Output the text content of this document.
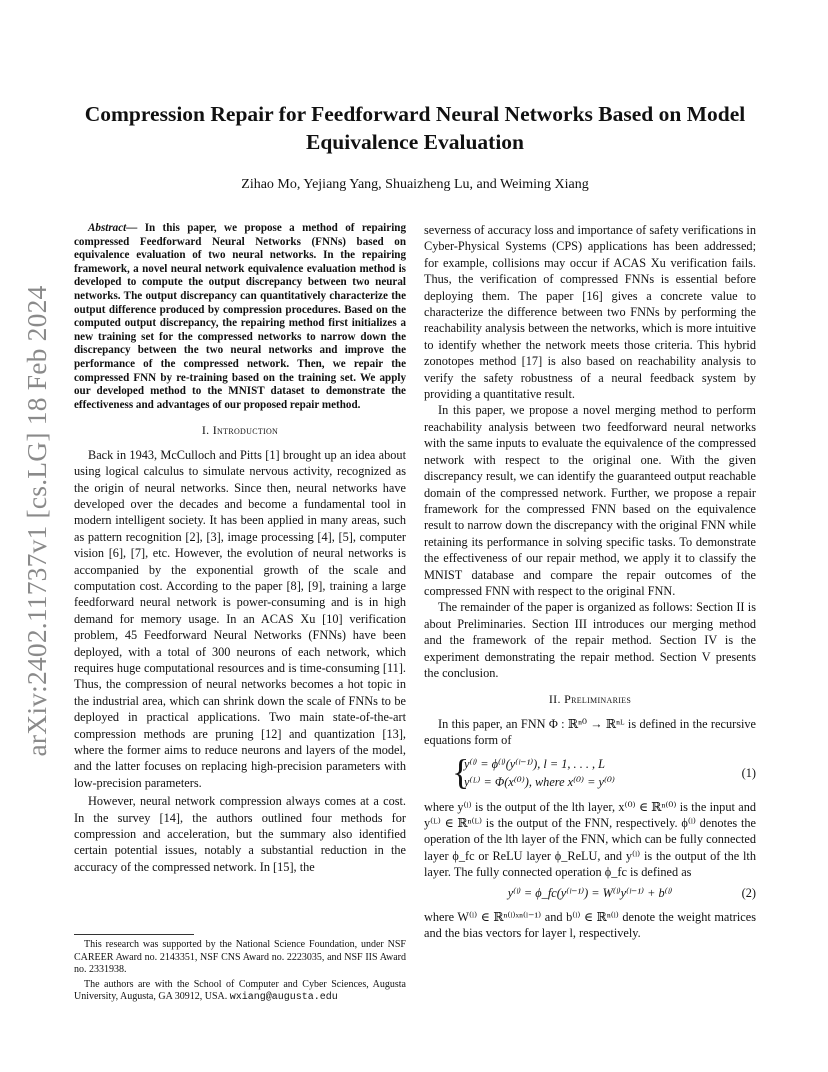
arXiv:2402.11737v1 [cs.LG] 18 Feb 2024
Compression Repair for Feedforward Neural Networks Based on Model
Equivalence Evaluation
Zihao Mo, Yejiang Yang, Shuaizheng Lu, and Weiming Xiang

Abstract— In this paper, we propose a method of repairing compressed Feedforward Neural Networks (FNNs) based on equivalence evaluation of two neural networks. In the repairing framework, a novel neural network equivalence evaluation method is developed to compute the output discrepancy between two neural networks. The output discrepancy can quantitatively characterize the output difference produced by compression procedures. Based on the computed output discrepancy, the repairing method first initializes a new training set for the compressed networks to narrow down the discrepancy between the two neural networks and improve the performance of the compressed network. Then, we repair the compressed FNN by re-training based on the training set. We apply our developed method to the MNIST dataset to demonstrate the effectiveness and advantages of our proposed repair method.

I. Introduction

Back in 1943, McCulloch and Pitts [1] brought up an idea about using logical calculus to simulate nervous activity, recognized as the origin of neural networks. Since then, neural networks have developed over the decades and become a fundamental tool in modern intelligent society. It has been applied in many areas, such as pattern recognition [2], [3], image processing [4], [5], computer vision [6], [7], etc. However, the evolution of neural networks is accompanied by the exponential growth of the scale and computation cost. According to the paper [8], [9], training a large feedforward neural network is power-consuming and is in high demand for memory usage. In an ACAS Xu [10] verification problem, 45 Feedforward Neural Networks (FNNs) have been deployed, with a total of 300 neurons of each network, which requires huge computational resources and is time-consuming [11]. Thus, the compression of neural networks becomes a hot topic in the industrial area, which can shrink down the scale of FNNs to be deployed in practical applications. Two main state-of-the-art compression methods are pruning [12] and quantization [13], where the former aims to reduce neurons and layers of the model, and the latter focuses on replacing high-precision parameters with low-precision parameters.

However, neural network compression always comes at a cost. In the survey [14], the authors outlined four methods for compression and acceleration, but the summary also identified certain potential issues, notably a substantial reduction in the accuracy of the compressed network. In [15], the

This research was supported by the National Science Foundation, under NSF CAREER Award no. 2143351, NSF CNS Award no. 2223035, and NSF IIS Award no. 2331938.

The authors are with the School of Computer and Cyber Sciences, Augusta University, Augusta, GA 30912, USA. wxiang@augusta.edu

severness of accuracy loss and importance of safety verifications in Cyber-Physical Systems (CPS) applications has been addressed; for example, collisions may occur if ACAS Xu verification fails. Thus, the verification of compressed FNNs is essential before deploying them. The paper [16] gives a concrete value to characterize the difference between two FNNs by performing the reachability analysis between the networks, which is more intuitive to identify whether the network meets those criteria. This hybrid zonotopes method [17] is also based on reachability analysis to verify the safety robustness of a neural feedback system by providing a quantitative result.

In this paper, we propose a novel merging method to perform reachability analysis between two feedforward neural networks with the same inputs to evaluate the equivalence of the compressed network with respect to the original one. With the given discrepancy result, we can identify the guaranteed output reachable domain of the compressed network. Further, we propose a repair framework for the compressed FNN based on the equivalence result to narrow down the discrepancy with the original FNN while retaining its performance in solving specific tasks. To demonstrate the effectiveness of our repair method, we apply it to classify the MNIST database and compare the repair outcomes of the compressed FNN with respect to the original FNN.

The remainder of the paper is organized as follows: Section II is about Preliminaries. Section III introduces our merging method and the framework of the repair method. Section IV is the experiment demonstrating the repair method. Section V presents the conclusion.

II. Preliminaries

In this paper, an FNN Φ : ℝⁿ⁰ → ℝⁿᴸ is defined in the recursive equations form of

{
y⁽ˡ⁾ = ϕ⁽ˡ⁾(y⁽ˡ⁻¹⁾), l = 1, . . . , L
y⁽ᴸ⁾ = Φ(x⁽⁰⁾), where x⁽⁰⁾ = y⁽⁰⁾
(1)

where y⁽ˡ⁾ is the output of the lth layer, x⁽⁰⁾ ∈ ℝⁿ⁽⁰⁾ is the input and y⁽ᴸ⁾ ∈ ℝⁿ⁽ᴸ⁾ is the output of the FNN, respectively. ϕ⁽ˡ⁾ denotes the operation of the lth layer of the FNN, which can be fully connected layer ϕ_fc or ReLU layer ϕ_ReLU, and y⁽ˡ⁾ is the output of the lth layer. The fully connected operation ϕ_fc is defined as

y⁽ˡ⁾ = ϕ_fc(y⁽ˡ⁻¹⁾) = W⁽ˡ⁾y⁽ˡ⁻¹⁾ + b⁽ˡ⁾	(2)

where W⁽ˡ⁾ ∈ ℝⁿ⁽ˡ⁾ˣⁿ⁽ˡ⁻¹⁾ and b⁽ˡ⁾ ∈ ℝⁿ⁽ˡ⁾ denote the weight matrices and the bias vectors for layer l, respectively.
